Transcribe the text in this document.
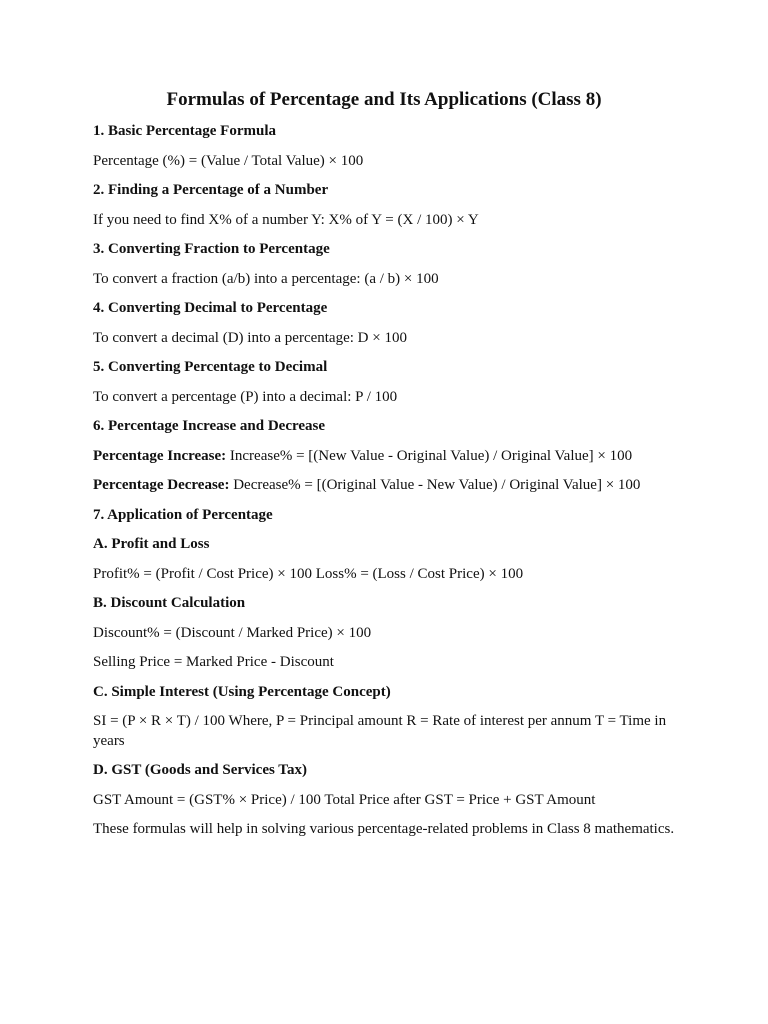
Formulas of Percentage and Its Applications (Class 8)
1. Basic Percentage Formula
Percentage (%) = (Value / Total Value) × 100
2. Finding a Percentage of a Number
If you need to find X% of a number Y: X% of Y = (X / 100) × Y
3. Converting Fraction to Percentage
To convert a fraction (a/b) into a percentage: (a / b) × 100
4. Converting Decimal to Percentage
To convert a decimal (D) into a percentage: D × 100
5. Converting Percentage to Decimal
To convert a percentage (P) into a decimal: P / 100
6. Percentage Increase and Decrease
Percentage Increase: Increase% = [(New Value - Original Value) / Original Value] × 100
Percentage Decrease: Decrease% = [(Original Value - New Value) / Original Value] × 100
7. Application of Percentage
A. Profit and Loss
Profit% = (Profit / Cost Price) × 100 Loss% = (Loss / Cost Price) × 100
B. Discount Calculation
Discount% = (Discount / Marked Price) × 100
Selling Price = Marked Price - Discount
C. Simple Interest (Using Percentage Concept)
SI = (P × R × T) / 100 Where, P = Principal amount R = Rate of interest per annum T = Time in years
D. GST (Goods and Services Tax)
GST Amount = (GST% × Price) / 100 Total Price after GST = Price + GST Amount
These formulas will help in solving various percentage-related problems in Class 8 mathematics.
